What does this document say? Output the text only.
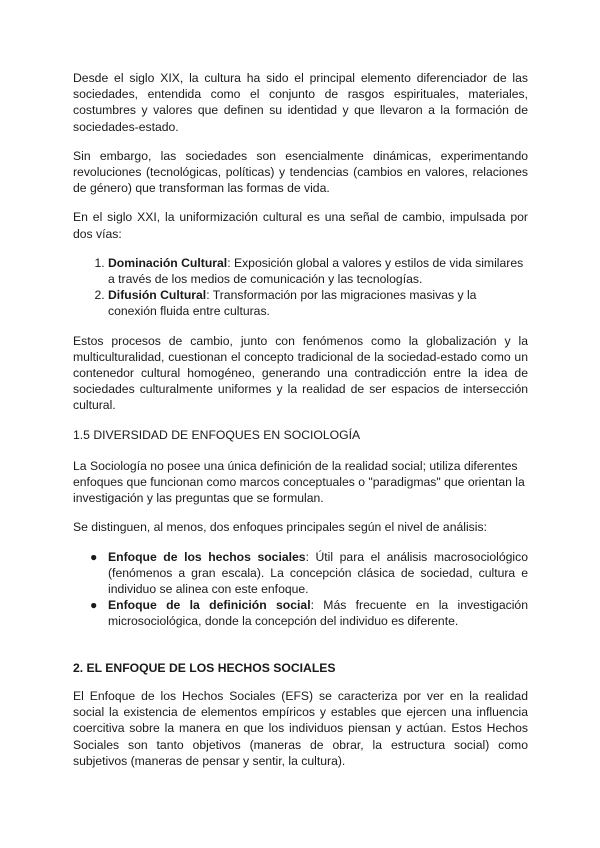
Desde el siglo XIX, la cultura ha sido el principal elemento diferenciador de las sociedades, entendida como el conjunto de rasgos espirituales, materiales, costumbres y valores que definen su identidad y que llevaron a la formación de sociedades-estado.

Sin embargo, las sociedades son esencialmente dinámicas, experimentando revoluciones (tecnológicas, políticas) y tendencias (cambios en valores, relaciones de género) que transforman las formas de vida.

En el siglo XXI, la uniformización cultural es una señal de cambio, impulsada por dos vías:

1. Dominación Cultural: Exposición global a valores y estilos de vida similares a través de los medios de comunicación y las tecnologías.
2. Difusión Cultural: Transformación por las migraciones masivas y la conexión fluida entre culturas.

Estos procesos de cambio, junto con fenómenos como la globalización y la multiculturalidad, cuestionan el concepto tradicional de la sociedad-estado como un contenedor cultural homogéneo, generando una contradicción entre la idea de sociedades culturalmente uniformes y la realidad de ser espacios de intersección cultural.

1.5 DIVERSIDAD DE ENFOQUES EN SOCIOLOGÍA

La Sociología no posee una única definición de la realidad social; utiliza diferentes enfoques que funcionan como marcos conceptuales o "paradigmas" que orientan la investigación y las preguntas que se formulan.

Se distinguen, al menos, dos enfoques principales según el nivel de análisis:

● Enfoque de los hechos sociales: Útil para el análisis macrosociológico (fenómenos a gran escala). La concepción clásica de sociedad, cultura e individuo se alinea con este enfoque.
● Enfoque de la definición social: Más frecuente en la investigación microsociológica, donde la concepción del individuo es diferente.

2. EL ENFOQUE DE LOS HECHOS SOCIALES

El Enfoque de los Hechos Sociales (EFS) se caracteriza por ver en la realidad social la existencia de elementos empíricos y estables que ejercen una influencia coercitiva sobre la manera en que los individuos piensan y actúan. Estos Hechos Sociales son tanto objetivos (maneras de obrar, la estructura social) como subjetivos (maneras de pensar y sentir, la cultura).
